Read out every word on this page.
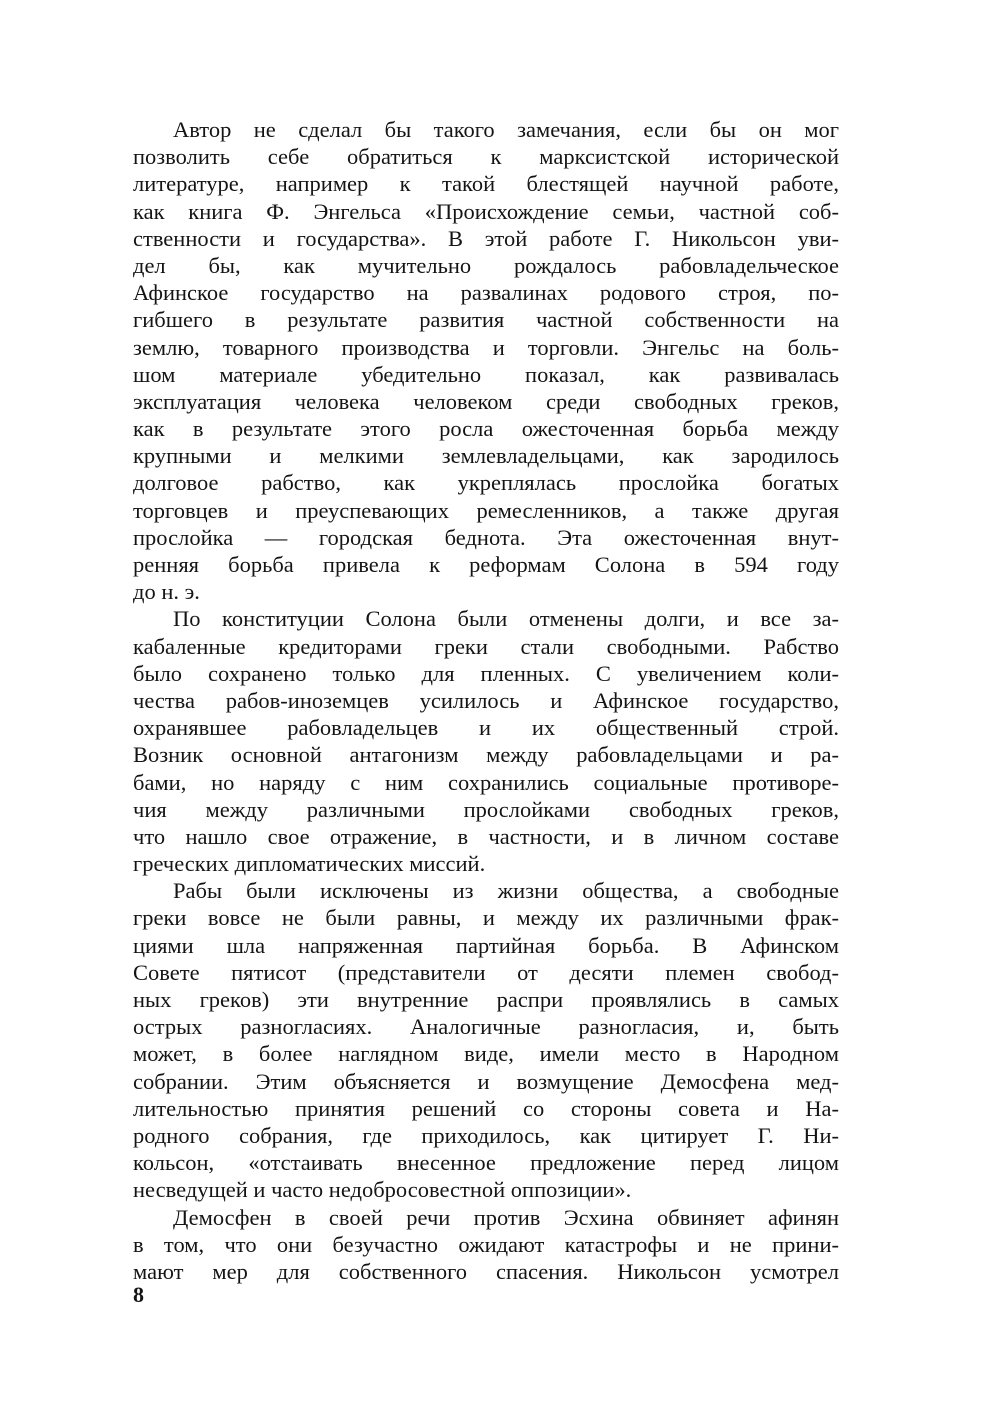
Автор не сделал бы такого замечания, если бы он мог
позволить себе обратиться к марксистской исторической
литературе, например к такой блестящей научной работе,
как книга Ф. Энгельса «Происхождение семьи, частной соб-
ственности и государства». В этой работе Г. Никольсон уви-
дел бы, как мучительно рождалось рабовладельческое
Афинское государство на развалинах родового строя, по-
гибшего в результате развития частной собственности на
землю, товарного производства и торговли. Энгельс на боль-
шом материале убедительно показал, как развивалась
эксплуатация человека человеком среди свободных греков,
как в результате этого росла ожесточенная борьба между
крупными и мелкими землевладельцами, как зародилось
долговое рабство, как укреплялась прослойка богатых
торговцев и преуспевающих ремесленников, а также другая
прослойка — городская беднота. Эта ожесточенная внут-
ренняя борьба привела к реформам Солона в 594 году
до н. э.
По конституции Солона были отменены долги, и все за-
кабаленные кредиторами греки стали свободными. Рабство
было сохранено только для пленных. С увеличением коли-
чества рабов-иноземцев усилилось и Афинское государство,
охранявшее рабовладельцев и их общественный строй.
Возник основной антагонизм между рабовладельцами и ра-
бами, но наряду с ним сохранились социальные противоре-
чия между различными прослойками свободных греков,
что нашло свое отражение, в частности, и в личном составе
греческих дипломатических миссий.
Рабы были исключены из жизни общества, а свободные
греки вовсе не были равны, и между их различными фрак-
циями шла напряженная партийная борьба. В Афинском
Совете пятисот (представители от десяти племен свобод-
ных греков) эти внутренние распри проявлялись в самых
острых разногласиях. Аналогичные разногласия, и, быть
может, в более наглядном виде, имели место в Народном
собрании. Этим объясняется и возмущение Демосфена мед-
лительностью принятия решений со стороны совета и На-
родного собрания, где приходилось, как цитирует Г. Ни-
кольсон, «отстаивать внесенное предложение перед лицом
несведущей и часто недобросовестной оппозиции».
Демосфен в своей речи против Эсхина обвиняет афинян
в том, что они безучастно ожидают катастрофы и не прини-
мают мер для собственного спасения. Никольсон усмотрел
8
